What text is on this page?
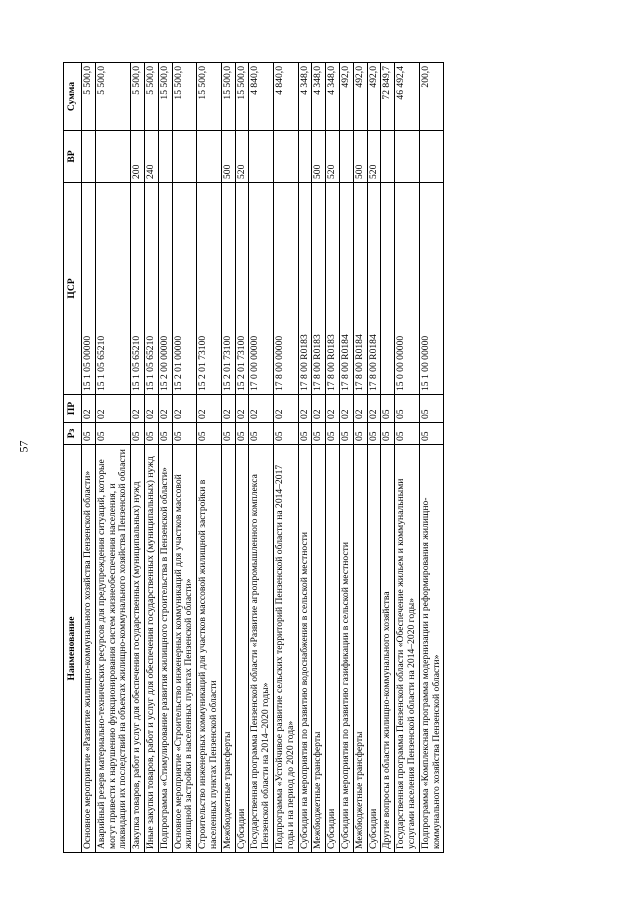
57
Наименование	Рз	ПР	ЦСР	ВР	Сумма
Основное мероприятие «Развитие жилищно-коммунального хозяйства Пензенской области»	05	02	15 1 05 00000		5 500,0
Аварийный резерв материально-технических ресурсов для предупреждения ситуаций, которые могут привести к нарушению функционирования систем жизнеобеспечения населения, и ликвидации их последствий на объектах жилищно-коммунального хозяйства Пензенской области	05	02	15 1 05 65210		5 500,0
Закупка товаров, работ и услуг для обеспечения государственных (муниципальных) нужд	05	02	15 1 05 65210	200	5 500,0
Иные закупки товаров, работ и услуг для обеспечения государственных (муниципальных) нужд	05	02	15 1 05 65210	240	5 500,0
Подпрограмма «Стимулирование развития жилищного строительства в Пензенской области»	05	02	15 2 00 00000		15 500,0
Основное мероприятие «Строительство инженерных коммуникаций для участков массовой жилищной застройки в населенных пунктах Пензенской области»	05	02	15 2 01 00000		15 500,0
Строительство инженерных коммуникаций для участков массовой жилищной застройки в населенных пунктах Пензенской области	05	02	15 2 01 73100		15 500,0
Межбюджетные трансферты	05	02	15 2 01 73100	500	15 500,0
Субсидии	05	02	15 2 01 73100	520	15 500,0
Государственная программа Пензенской области «Развитие агропромышленного комплекса Пензенской области на 2014–2020 годы»	05	02	17 0 00 00000		4 840,0
Подпрограмма «Устойчивое развитие сельских территорий Пензенской области на 2014–2017 годы и на период до 2020 года»	05	02	17 8 00 00000		4 840,0
Субсидии на мероприятия по развитию водоснабжения в сельской местности	05	02	17 8 00 R0183		4 348,0
Межбюджетные трансферты	05	02	17 8 00 R0183	500	4 348,0
Субсидии	05	02	17 8 00 R0183	520	4 348,0
Субсидии на мероприятия по развитию газификации в сельской местности	05	02	17 8 00 R0184		492,0
Межбюджетные трансферты	05	02	17 8 00 R0184	500	492,0
Субсидии	05	02	17 8 00 R0184	520	492,0
Другие вопросы в области жилищно-коммунального хозяйства	05	05			72 849,7
Государственная программа Пензенской области «Обеспечение жильем и коммунальными услугами населения Пензенской области на 2014–2020 годы»	05	05	15 0 00 00000		46 492,4
Подпрограмма «Комплексная программа модернизации и реформирования жилищно-коммунального хозяйства Пензенской области»	05	05	15 1 00 00000		200,0
